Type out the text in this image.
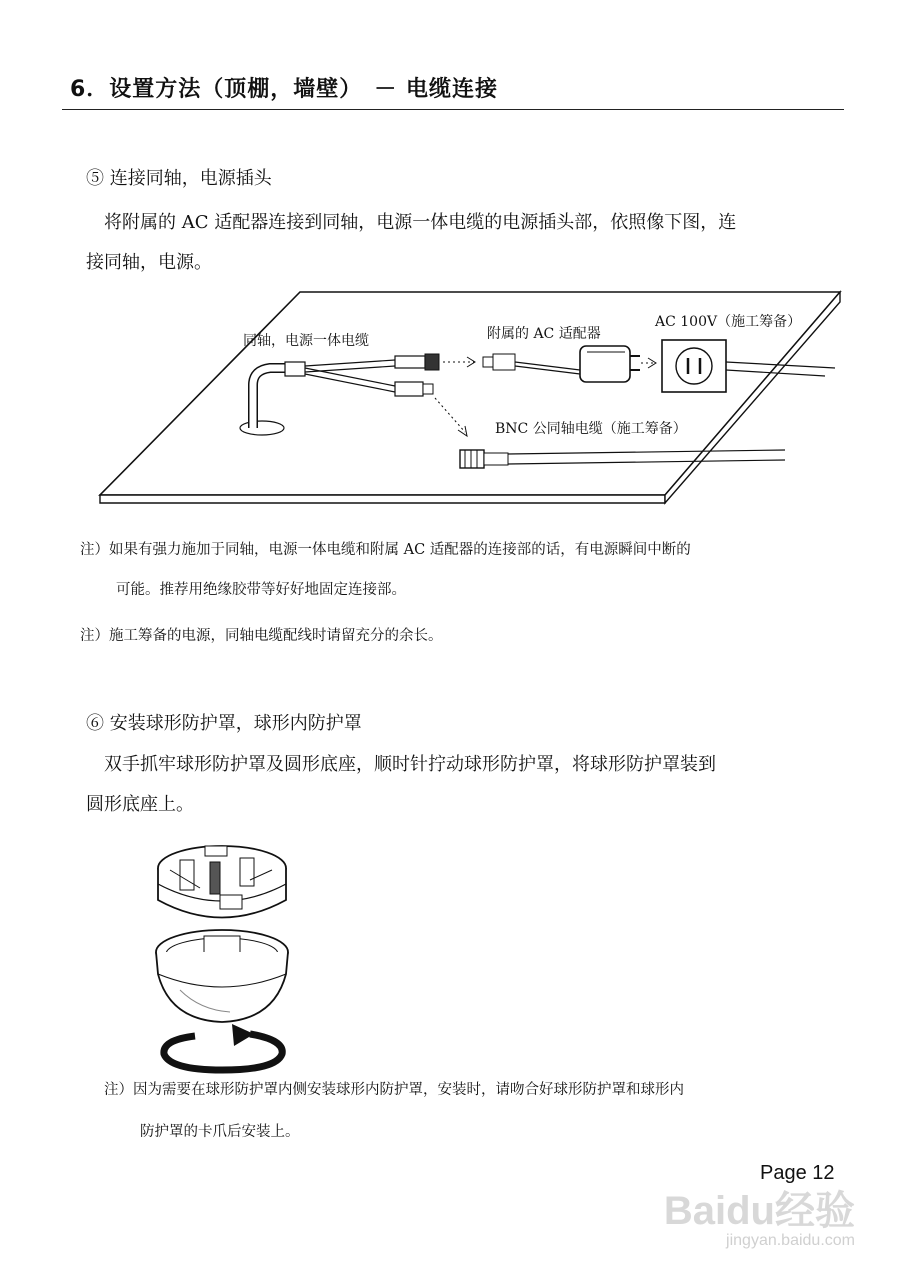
6．设置方法（顶棚，墙壁）　－ 电缆连接
⑤ 连接同轴，电源插头
　将附属的 AC 适配器连接到同轴，电源一体电缆的电源插头部，依照像下图，连
接同轴，电源。
同轴，电源一体电缆	附属的 AC 适配器
AC 100V（施工筹备）
BNC 公同轴电缆（施工筹备）
注）如果有强力施加于同轴，电源一体电缆和附属 AC 适配器的连接部的话，有电源瞬间中断的
可能。推荐用绝缘胶带等好好地固定连接部。
注）施工筹备的电源，同轴电缆配线时请留充分的余长。
⑥ 安装球形防护罩，球形内防护罩
　双手抓牢球形防护罩及圆形底座，顺时针拧动球形防护罩，将球形防护罩装到
圆形底座上。
注）因为需要在球形防护罩内侧安装球形内防护罩，安装时，请吻合好球形防护罩和球形内
防护罩的卡爪后安装上。
Page 12
Baidu经验
jingyan.baidu.com
